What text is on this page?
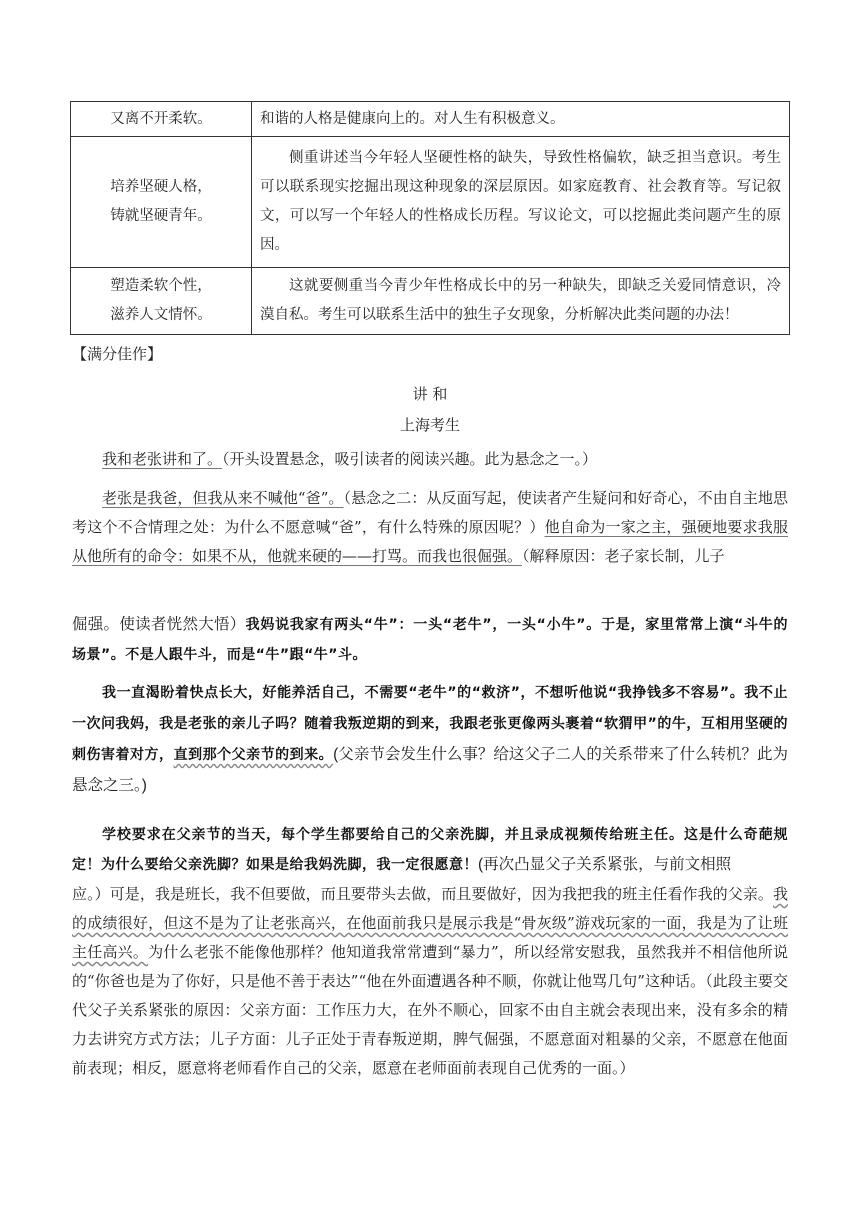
又离不开柔软。	和谐的人格是健康向上的。对人生有积极意义。

培养坚硬人格，
铸就坚硬青年。	侧重讲述当今年轻人坚硬性格的缺失，导致性格偏软，缺乏担当意识。考生可以联系现实挖掘出现这种现象的深层原因。如家庭教育、社会教育等。写记叙文，可以写一个年轻人的性格成长历程。写议论文，可以挖掘此类问题产生的原因。

塑造柔软个性，
滋养人文情怀。	这就要侧重当今青少年性格成长中的另一种缺失，即缺乏关爱同情意识，冷漠自私。考生可以联系生活中的独生子女现象，分析解决此类问题的办法！
【满分佳作】
讲 和
上海考生
我和老张讲和了。（开头设置悬念，吸引读者的阅读兴趣。此为悬念之一。）
老张是我爸，但我从来不喊他“爸”。（悬念之二：从反面写起，使读者产生疑问和好奇心，不由自主地思考这个不合情理之处：为什么不愿意喊“爸”，有什么特殊的原因呢？）他自命为一家之主，强硬地要求我服从他所有的命令：如果不从，他就来硬的——打骂。而我也很倔强。（解释原因：老子家长制，儿子
倔强。使读者恍然大悟）我妈说我家有两头“牛”：一头“老牛”，一头“小牛”。于是，家里常常上演“斗牛的场景”。不是人跟牛斗，而是“牛”跟“牛”斗。
我一直渴盼着快点长大，好能养活自己，不需要“老牛”的“救济”，不想听他说“我挣钱多不容易”。我不止一次问我妈，我是老张的亲儿子吗？随着我叛逆期的到来，我跟老张更像两头裹着“软猬甲”的牛，互相用坚硬的刺伤害着对方，直到那个父亲节的到来。(父亲节会发生什么事？给这父子二人的关系带来了什么转机？此为悬念之三。)
学校要求在父亲节的当天，每个学生都要给自己的父亲洗脚，并且录成视频传给班主任。这是什么奇葩规定！为什么要给父亲洗脚？如果是给我妈洗脚，我一定很愿意！(再次凸显父子关系紧张，与前文相照
应。）可是，我是班长，我不但要做，而且要带头去做，而且要做好，因为我把我的班主任看作我的父亲。我的成绩很好，但这不是为了让老张高兴，在他面前我只是展示我是“骨灰级”游戏玩家的一面，我是为了让班主任高兴。为什么老张不能像他那样？他知道我常常遭到“暴力”，所以经常安慰我，虽然我并不相信他所说的“你爸也是为了你好，只是他不善于表达”“他在外面遭遇各种不顺，你就让他骂几句”这种话。（此段主要交代父子关系紧张的原因：父亲方面：工作压力大，在外不顺心，回家不由自主就会表现出来，没有多余的精力去讲究方式方法；儿子方面：儿子正处于青春叛逆期，脾气倔强，不愿意面对粗暴的父亲，不愿意在他面前表现；相反，愿意将老师看作自己的父亲，愿意在老师面前表现自己优秀的一面。）
